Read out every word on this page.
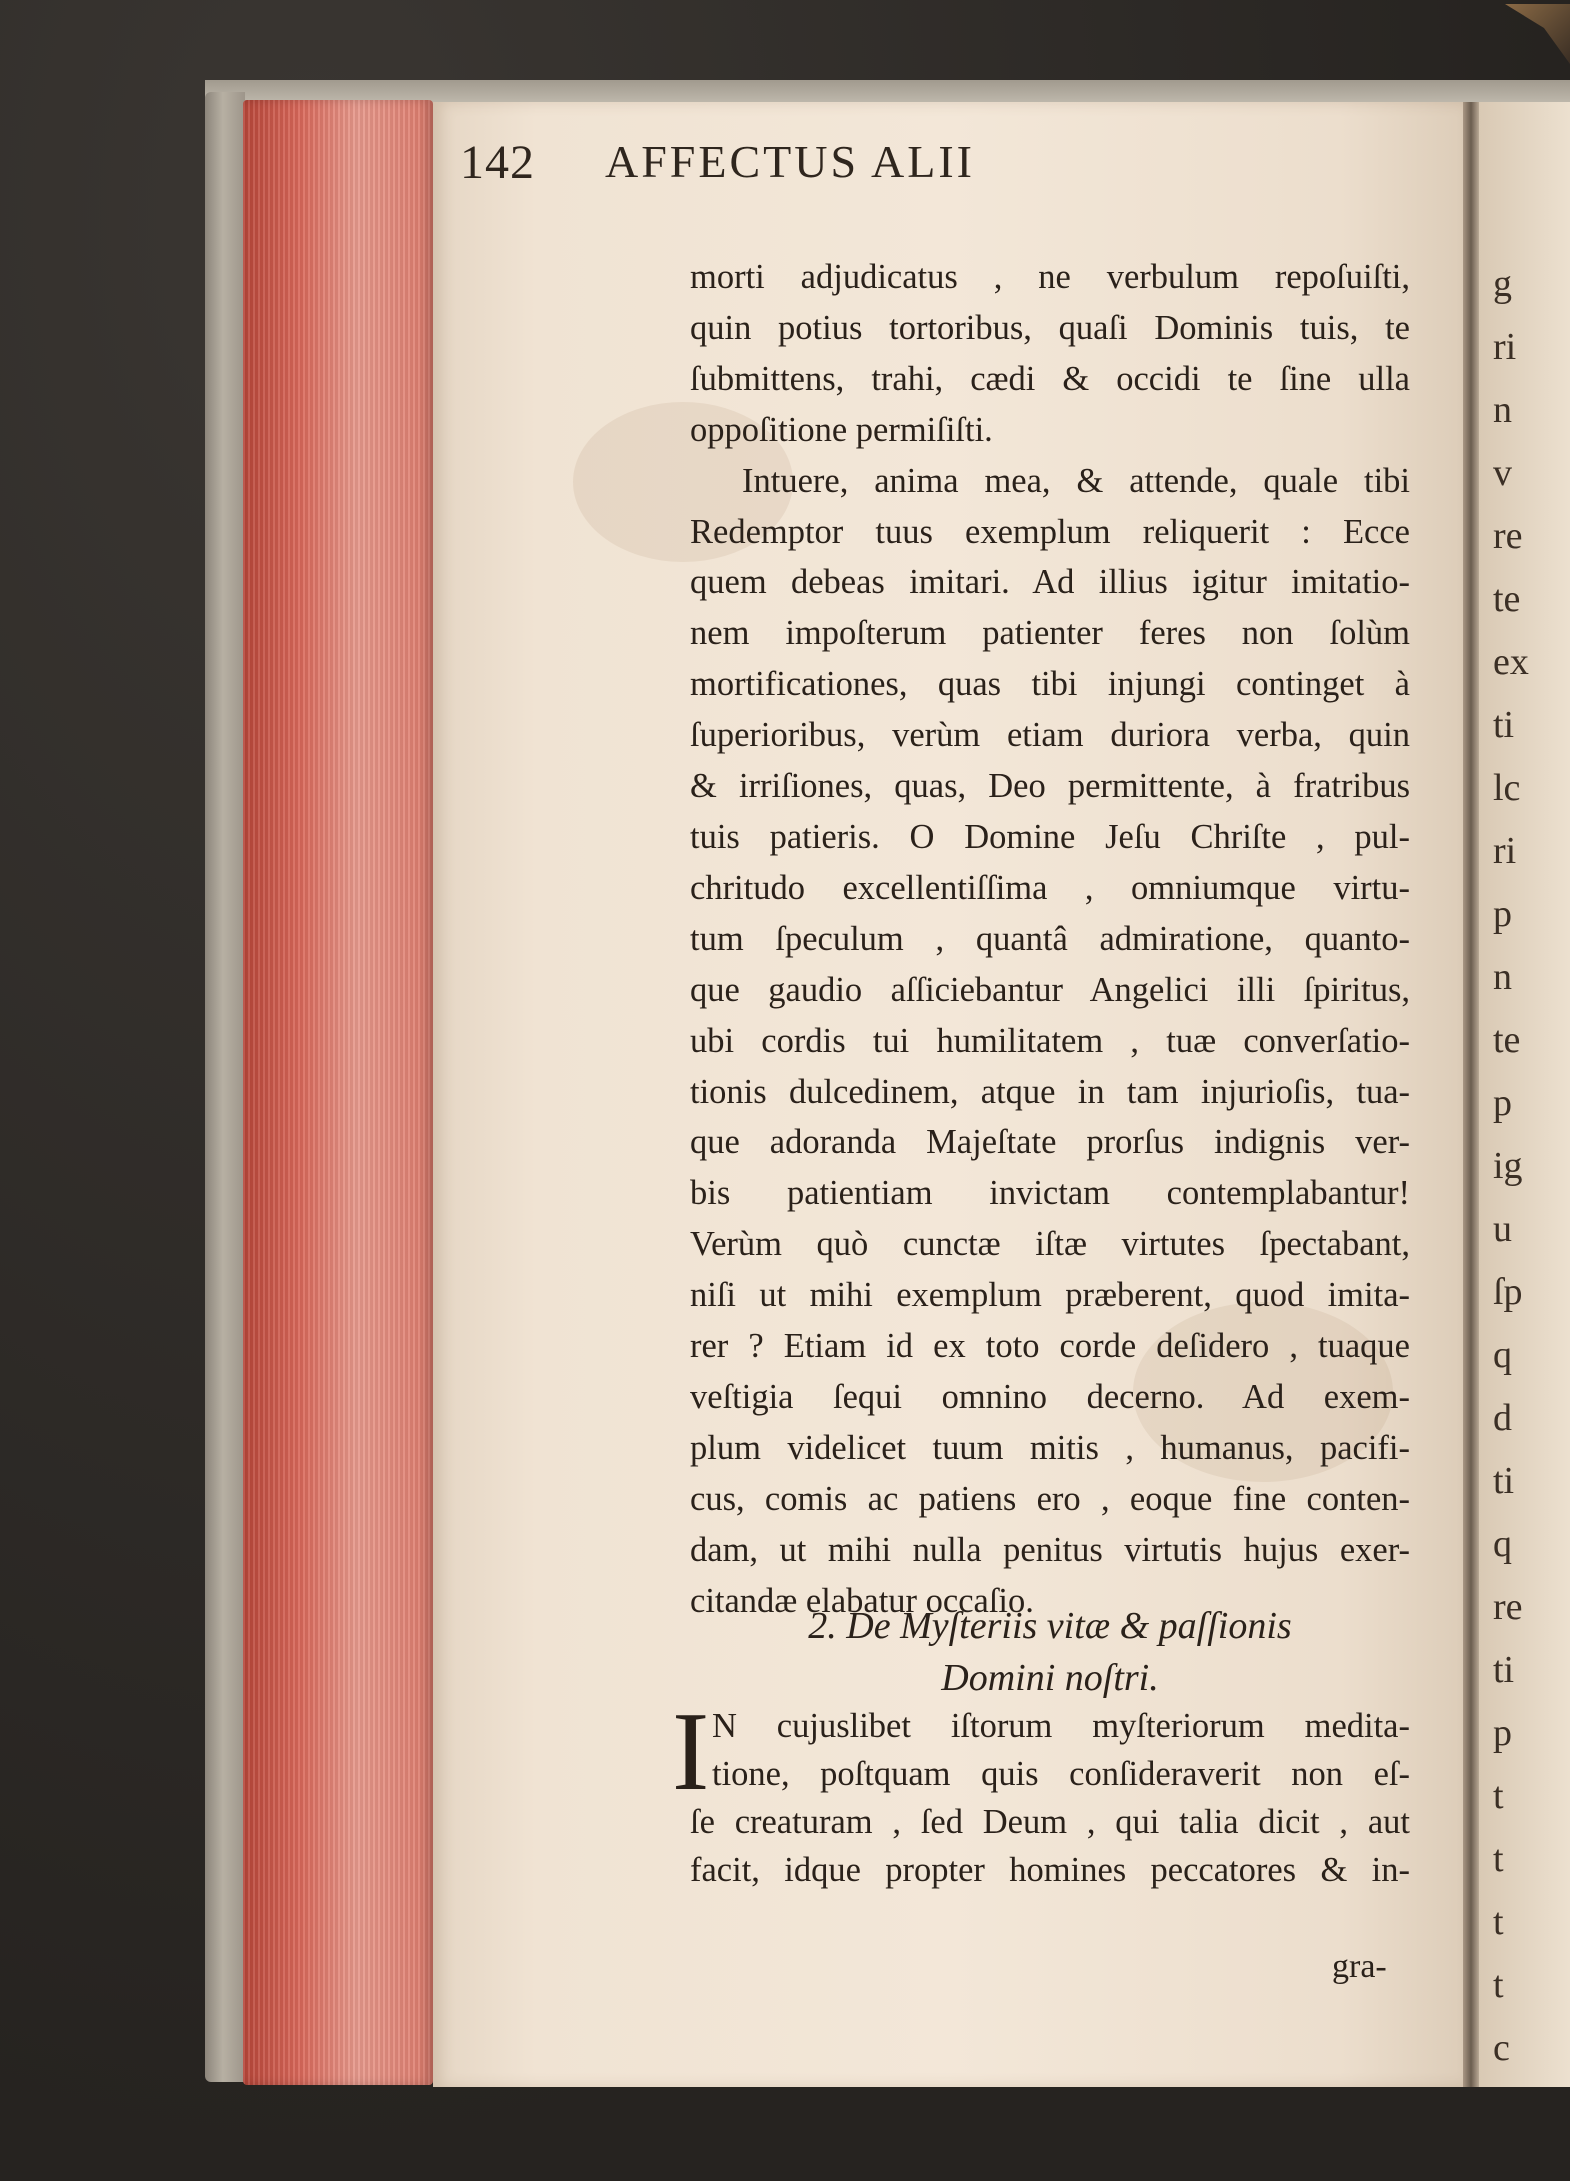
g
ri
n
v
re
te
ex
ti
lc
ri
p
n
te
p
ig
u
ſp
q
d
ti
q
re
ti
p
t
t
t
t
c
142 AFFECTUS ALII
morti adjudicatus , ne verbulum repoſuiſti,
quin potius tortoribus, quaſi Dominis tuis, te
ſubmittens, trahi, cædi & occidi te ſine ulla
oppoſitione permiſiſti.
Intuere, anima mea, & attende, quale tibi
Redemptor tuus exemplum reliquerit : Ecce
quem debeas imitari. Ad illius igitur imitatio-
nem impoſterum patienter feres non ſolùm
mortificationes, quas tibi injungi continget à
ſuperioribus, verùm etiam duriora verba, quin
& irriſiones, quas, Deo permittente, à fratribus
tuis patieris. O Domine Jeſu Chriſte , pul-
chritudo excellentiſſima , omniumque virtu-
tum ſpeculum , quantâ admiratione, quanto-
que gaudio aſſiciebantur Angelici illi ſpiritus,
ubi cordis tui humilitatem , tuæ converſatio-
tionis dulcedinem, atque in tam injurioſis, tua-
que adoranda Majeſtate prorſus indignis ver-
bis patientiam invictam contemplabantur!
Verùm quò cunctæ iſtæ virtutes ſpectabant,
niſi ut mihi exemplum præberent, quod imita-
rer ? Etiam id ex toto corde deſidero , tuaque
veſtigia ſequi omnino decerno. Ad exem-
plum videlicet tuum mitis , humanus, pacifi-
cus, comis ac patiens ero , eoque fine conten-
dam, ut mihi nulla penitus virtutis hujus exer-
citandæ elabatur occaſio.
2. De Myſteriis vitæ & paſſionis
Domini noſtri.
I N cujuslibet iſtorum myſteriorum medita-
tione, poſtquam quis conſideraverit non eſ-
ſe creaturam , ſed Deum , qui talia dicit , aut
facit, idque propter homines peccatores & in-
gra-
